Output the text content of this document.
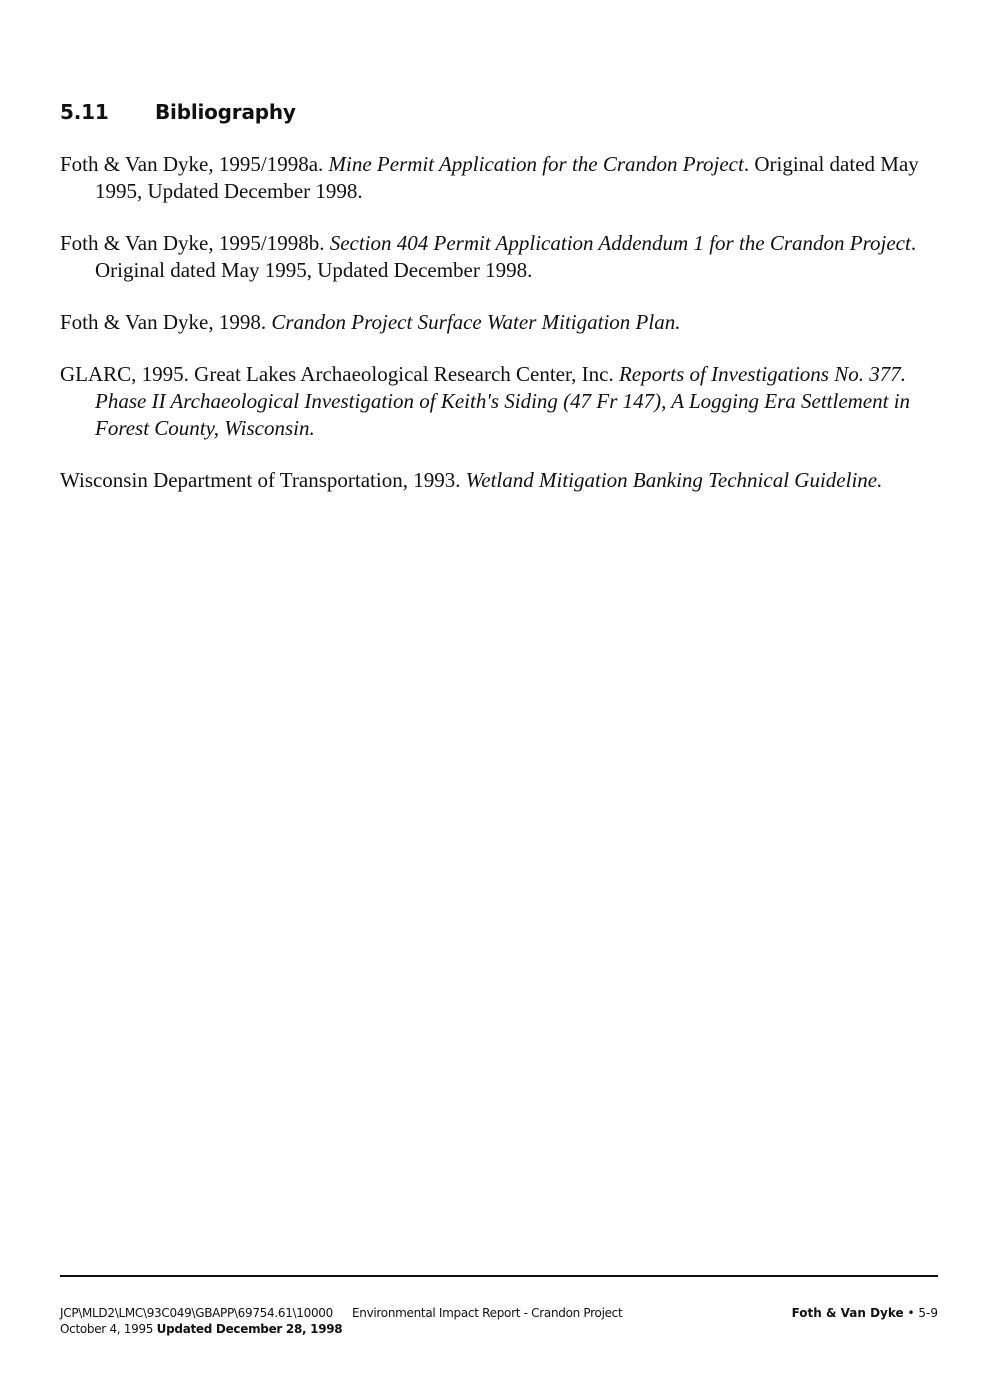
5.11 Bibliography
Foth & Van Dyke, 1995/1998a. Mine Permit Application for the Crandon Project. Original dated May 1995, Updated December 1998.
Foth & Van Dyke, 1995/1998b. Section 404 Permit Application Addendum 1 for the Crandon Project. Original dated May 1995, Updated December 1998.
Foth & Van Dyke, 1998. Crandon Project Surface Water Mitigation Plan.
GLARC, 1995. Great Lakes Archaeological Research Center, Inc. Reports of Investigations No. 377. Phase II Archaeological Investigation of Keith's Siding (47 Fr 147), A Logging Era Settlement in Forest County, Wisconsin.
Wisconsin Department of Transportation, 1993. Wetland Mitigation Banking Technical Guideline.
JCP\MLD2\LMC\93C049\GBAPP\69754.61\10000 Environmental Impact Report - Crandon Project	Foth & Van Dyke • 5-9
October 4, 1995 Updated December 28, 1998
